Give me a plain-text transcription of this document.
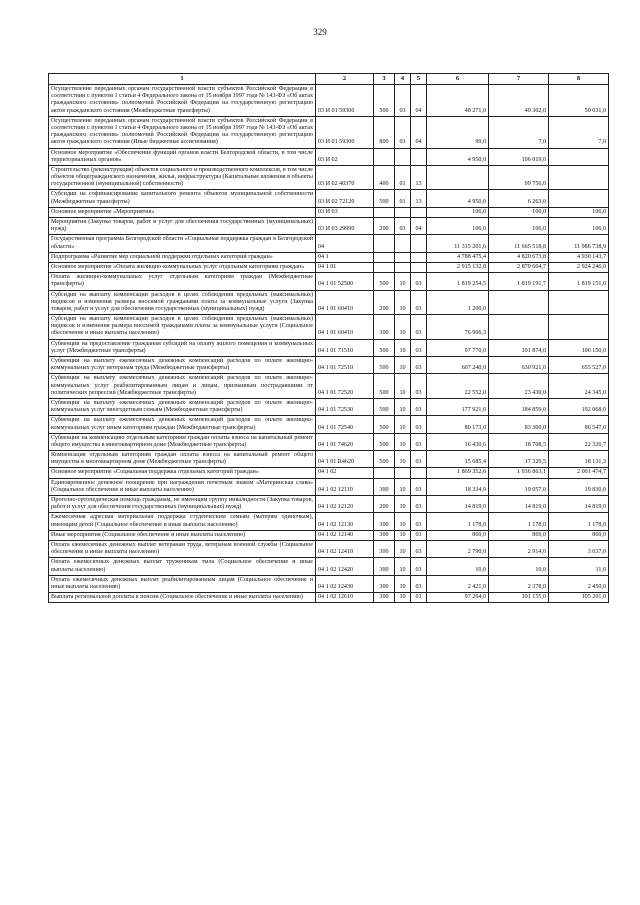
329
1	2	3	4	5	6	7	8
Осуществление переданных органам государственной власти субъектов Российской Федерации в соответствии с пунктом 1 статьи 4 Федерального закона от 15 ноября 1997 года № 143-ФЗ «Об актах гражданского состояния» полномочий Российской Федерации на государственную регистрацию актов гражданского состояния (Межбюджетные трансферты)	03 И 01 59300	500	03	04	48 271,0	49 302,0	50 031,0
Осуществление переданных органам государственной власти субъектов Российской Федерации в соответствии с пунктом 1 статьи 4 Федерального закона от 15 ноября 1997 года № 143-ФЗ «Об актах гражданского состояния» полномочий Российской Федерации на государственную регистрацию актов гражданского состояния (Иные бюджетные ассигнования)	03 И 01 59300	800	03	04	99,0	7,0	7,0
Основное мероприятие «Обеспечение функций органов власти Белгородской области, в том числе территориальных органов»	03 И 02				4 950,0	106 019,0	
Строительство (реконструкция) объектов социального и производственного комплексов, в том числе объектов общегражданского назначения, жилья, инфраструктуры (Капитальные вложения в объекты государственной (муниципальной) собственности)	03 И 02 40370	400	01	13		99 756,0	
Субсидии на софинансирование капитального ремонта объектов муниципальной собственности (Межбюджетные трансферты)	03 И 02 72120	500	01	13	4 950,0	6 263,0	
Основное мероприятие «Мероприятия»	03 И 03				106,0	106,0	106,0
Мероприятия (Закупка товаров, работ и услуг для обеспечения государственных (муниципальных) нужд)	03 И 03 29990	200	03	04	106,0	106,0	106,0
Государственная программа Белгородской области «Социальная поддержка граждан в Белгородской области»	04				11 315 201,6	11 665 518,8	11 986 738,9
Подпрограмма «Развитие мер социальной поддержки отдельных категорий граждан»	04 1				4 788 475,4	4 820 673,8	4 930 143,7
Основное мероприятие «Оплата жилищно-коммунальных услуг отдельным категориям граждан»	04 1 01				2 915 132,8	2 879 604,7	2 924 246,0
Оплата жилищно-коммунальных услуг отдельным категориям граждан (Межбюджетные трансферты)	04 1 01 52500	500	10	03	1 819 254,5	1 819 191,7	1 819 151,0
Субсидии на выплату компенсации расходов в целях соблюдения предельных (максимальных) индексов и изменения размера вносимой гражданами платы за коммунальные услуги (Закупка товаров, работ и услуг для обеспечения государственных (муниципальных) нужд)	04 1 01 60410	200	10	03	1 200,0		
Субсидии на выплату компенсации расходов в целях соблюдения предельных (максимальных) индексов и изменения размера вносимой гражданами платы за коммунальные услуги (Социальное обеспечение и иные выплаты населению)	04 1 01 60410	300	10	03	76 906,3		
Субвенции на предоставление гражданам субсидий на оплату жилого помещения и коммунальных услуг (Межбюджетные трансферты)	04 1 01 71510	500	10	03	97 770,0	101 874,0	106 150,0
Субвенции на выплату ежемесячных денежных компенсаций расходов по оплате жилищно-коммунальных услуг ветеранам труда (Межбюджетные трансферты)	04 1 01 72510	500	10	03	607 240,0	630 921,0	655 527,0
Субвенции на выплату ежемесячных денежных компенсаций расходов по оплате жилищно-коммунальных услуг реабилитированным лицам и лицам, признанным пострадавшими от политических репрессий (Межбюджетные трансферты)	04 1 01 72520	500	10	03	22 552,0	23 430,0	24 345,0
Субвенции на выплату ежемесячных денежных компенсаций расходов по оплате жилищно-коммунальных услуг многодетным семьям (Межбюджетные трансферты)	04 1 01 72530	500	10	03	177 921,0	184 859,0	192 068,0
Субвенции на выплату ежемесячных денежных компенсаций расходов по оплате жилищно-коммунальных услуг иным категориям граждан (Межбюджетные трансферты)	04 1 01 72540	500	10	03	80 173,0	83 300,0	86 547,0
Субвенции на компенсацию отдельным категориям граждан оплаты взноса на капитальный ремонт общего имущества в многоквартирном доме (Межбюджетные трансферты)	04 1 01 74620	500	10	03	16 430,6	18 708,5	22 326,7
Компенсация отдельным категориям граждан оплаты взноса на капитальный ремонт общего имущества в многоквартирном доме (Межбюджетные трансферты)	04 1 01 R4620	500	10	03	15 685,4	17 320,5	18 131,3
Основное мероприятие «Социальная поддержка отдельных категорий граждан»	04 1 02				1 869 352,6	1 936 863,1	2 001 474,7
Единовременное денежное поощрение при награждении почетным знаком «Материнская слава» (Социальное обеспечение и иные выплаты населению)	04 1 02 12110	300	10	03	18 334,0	19 057,0	19 830,0
Протезно-ортопедическая помощь гражданам, не имеющим группу инвалидности (Закупка товаров, работ и услуг для обеспечения государственных (муниципальных) нужд)	04 1 02 12120	200	10	03	14 819,0	14 819,0	14 819,0
Ежемесячная адресная материальная поддержка студенческим семьям (матерям одиночкам), имеющим детей (Социальное обеспечение и иные выплаты населению)	04 1 02 12130	300	10	03	1 178,0	1 178,0	1 178,0
Иные мероприятия (Социальное обеспечение и иные выплаты населению)	04 1 02 12140	300	10	03	869,0	869,0	869,0
Оплата ежемесячных денежных выплат ветеранам труда, ветеранам военной службы (Социальное обеспечение и иные выплаты населению)	04 1 02 12410	300	10	03	2 790,0	2 914,0	3 037,0
Оплата ежемесячных денежных выплат труженикам тыла (Социальное обеспечение и иные выплаты населению)	04 1 02 12420	300	10	03	10,0	10,0	11,0
Оплата ежемесячных денежных выплат реабилитированным лицам (Социальное обеспечение и иные выплаты населению)	04 1 02 12430	300	10	03	2 421,0	2 378,0	2 450,0
Выплата региональной доплаты к пенсии (Социальное обеспечение и иные выплаты населению)	04 1 02 12610	300	10	01	97 264,0	101 155,0	105 201,0
